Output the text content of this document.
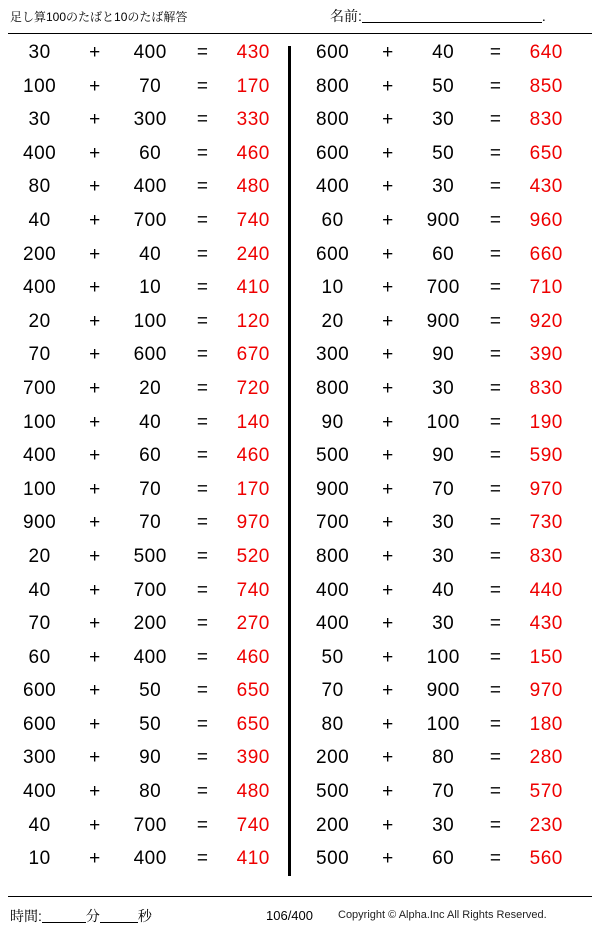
足し算100のたばと10のたば解答	名前:	.
30	+	400	=	430
100	+	70	=	170
30	+	300	=	330
400	+	60	=	460
80	+	400	=	480
40	+	700	=	740
200	+	40	=	240
400	+	10	=	410
20	+	100	=	120
70	+	600	=	670
700	+	20	=	720
100	+	40	=	140
400	+	60	=	460
100	+	70	=	170
900	+	70	=	970
20	+	500	=	520
40	+	700	=	740
70	+	200	=	270
60	+	400	=	460
600	+	50	=	650
600	+	50	=	650
300	+	90	=	390
400	+	80	=	480
40	+	700	=	740
10	+	400	=	410
600	+	40	=	640
800	+	50	=	850
800	+	30	=	830
600	+	50	=	650
400	+	30	=	430
60	+	900	=	960
600	+	60	=	660
10	+	700	=	710
20	+	900	=	920
300	+	90	=	390
800	+	30	=	830
90	+	100	=	190
500	+	90	=	590
900	+	70	=	970
700	+	30	=	730
800	+	30	=	830
400	+	40	=	440
400	+	30	=	430
50	+	100	=	150
70	+	900	=	970
80	+	100	=	180
200	+	80	=	280
500	+	70	=	570
200	+	30	=	230
500	+	60	=	560
時間:	分	秒	106/400 Copyright © Alpha.Inc All Rights Reserved.
